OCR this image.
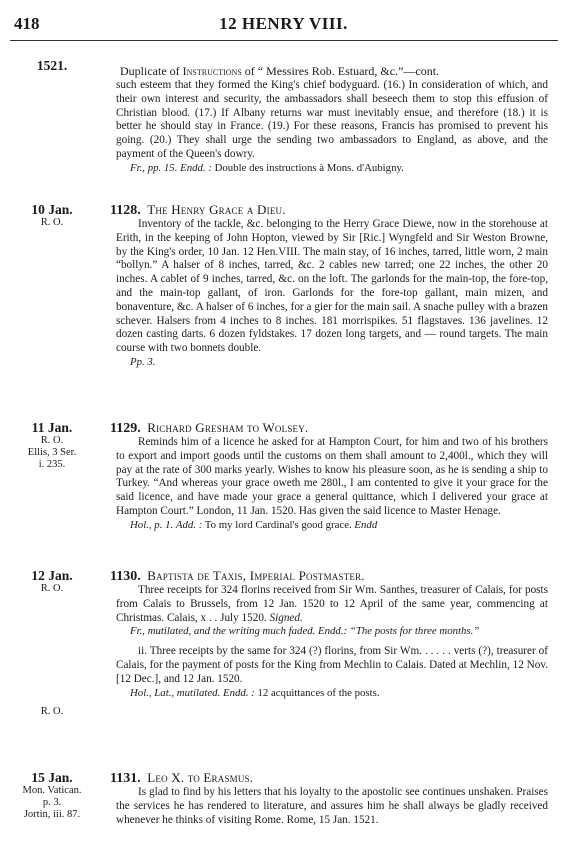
418	12 HENRY VIII.
1521.	Duplicate of Instructions of “ Messires Rob. Estuard, &c.”—cont.

such esteem that they formed the King's chief bodyguard. (16.) In consideration of which, and their own interest and security, the ambassadors shall beseech them to stop this effusion of Christian blood. (17.) If Albany returns war must inevitably ensue, and therefore (18.) it is better he should stay in France. (19.) For these reasons, Francis has promised to prevent his going. (20.) They shall urge the sending two ambassadors to England, as above, and the payment of the Queen's dowry.

Fr., pp. 15. Endd. : Double des instructions à Mons. d'Aubigny.

10 Jan.
R. O.

1128. The Henry Grace a Dieu.

Inventory of the tackle, &c. belonging to the Herry Grace Diewe, now in the storehouse at Erith, in the keeping of John Hopton, viewed by Sir [Ric.] Wyngfeld and Sir Weston Browne, by the King's order, 10 Jan. 12 Hen.VIII. The main stay, of 16 inches, tarred, little worn, 2 main “bollyn.” A halser of 8 inches, tarred, &c. 2 cables new tarred; one 22 inches, the other 20 inches. A cablet of 9 inches, tarred, &c. on the loft. The garlonds for the main-top, the fore-top, and the main-top gallant, of iron. Garlonds for the fore-top gallant, main mizen, and bonaventure, &c. A halser of 6 inches, for a gier for the main sail. A snache pulley with a brazen schever. Halsers from 4 inches to 8 inches. 181 morrispikes. 51 flagstaves. 136 javelines. 12 dozen casting darts. 6 dozen fyldstakes. 17 dozen long targets, and — round targets. The main course with two bonnets double.

Pp. 3.

11 Jan.
R. O.
Ellis, 3 Ser.
i. 235.

1129. Richard Gresham to Wolsey.

Reminds him of a licence he asked for at Hampton Court, for him and two of his brothers to export and import goods until the customs on them shall amount to 2,400l., which they will pay at the rate of 300 marks yearly. Wishes to know his pleasure soon, as he is sending a ship to Turkey. “And whereas your grace oweth me 280l., I am contented to give it your grace for the said licence, and have made your grace a general quittance, which I delivered your grace at Hampton Court.” London, 11 Jan. 1520. Has given the said licence to Master Henage.

Hol., p. 1. Add. : To my lord Cardinal's good grace. Endd

12 Jan.
R. O.

1130. Baptista de Taxis, Imperial Postmaster.

Three receipts for 324 florins received from Sir Wm. Santhes, treasurer of Calais, for posts from Calais to Brussels, from 12 Jan. 1520 to 12 April of the same year, commencing at Christmas. Calais, x . . July 1520. Signed.

Fr., mutilated, and the writing much faded. Endd.: “The posts for three months.”

ii. Three receipts by the same for 324 (?) florins, from Sir Wm. . . . . . verts (?), treasurer of Calais, for the payment of posts for the King from Mechlin to Calais. Dated at Mechlin, 12 Nov. [12 Dec.], and 12 Jan. 1520.

Hol., Lat., mutilated. Endd. : 12 acquittances of the posts.

R. O.
15 Jan.
Mon. Vatican.
p. 3.
Jortin, iii. 87.

1131. Leo X. to Erasmus.

Is glad to find by his letters that his loyalty to the apostolic see continues unshaken. Praises the services he has rendered to literature, and assures him he shall always be gladly received whenever he thinks of visiting Rome. Rome, 15 Jan. 1521.
